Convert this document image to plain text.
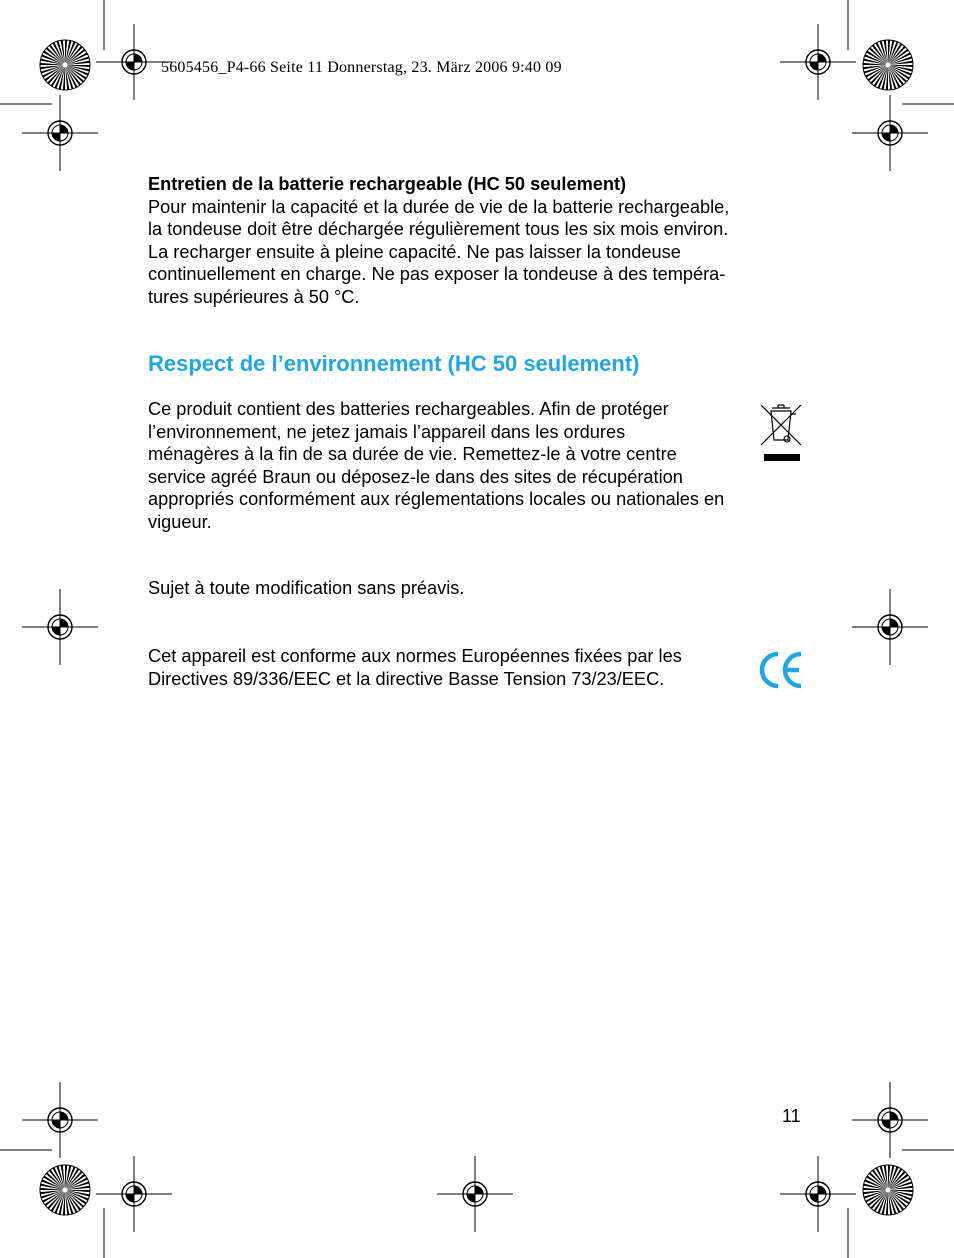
5605456_P4-66 Seite 11 Donnerstag, 23. März 2006 9:40 09
Entretien de la batterie rechargeable (HC 50 seulement)
Pour maintenir la capacité et la durée de vie de la batterie rechargeable,
la tondeuse doit être déchargée régulièrement tous les six mois environ.
La recharger ensuite à pleine capacité. Ne pas laisser la tondeuse
continuellement en charge. Ne pas exposer la tondeuse à des tempéra-
tures supérieures à 50 °C.
Respect de l’environnement (HC 50 seulement)
Ce produit contient des batteries rechargeables. Afin de protéger
l’environnement, ne jetez jamais l’appareil dans les ordures
ménagères à la fin de sa durée de vie. Remettez-le à votre centre
service agréé Braun ou déposez-le dans des sites de récupération
appropriés conformément aux réglementations locales ou nationales en
vigueur.
Sujet à toute modification sans préavis.
Cet appareil est conforme aux normes Européennes fixées par les
Directives 89/336/EEC et la directive Basse Tension 73/23/EEC.
11
